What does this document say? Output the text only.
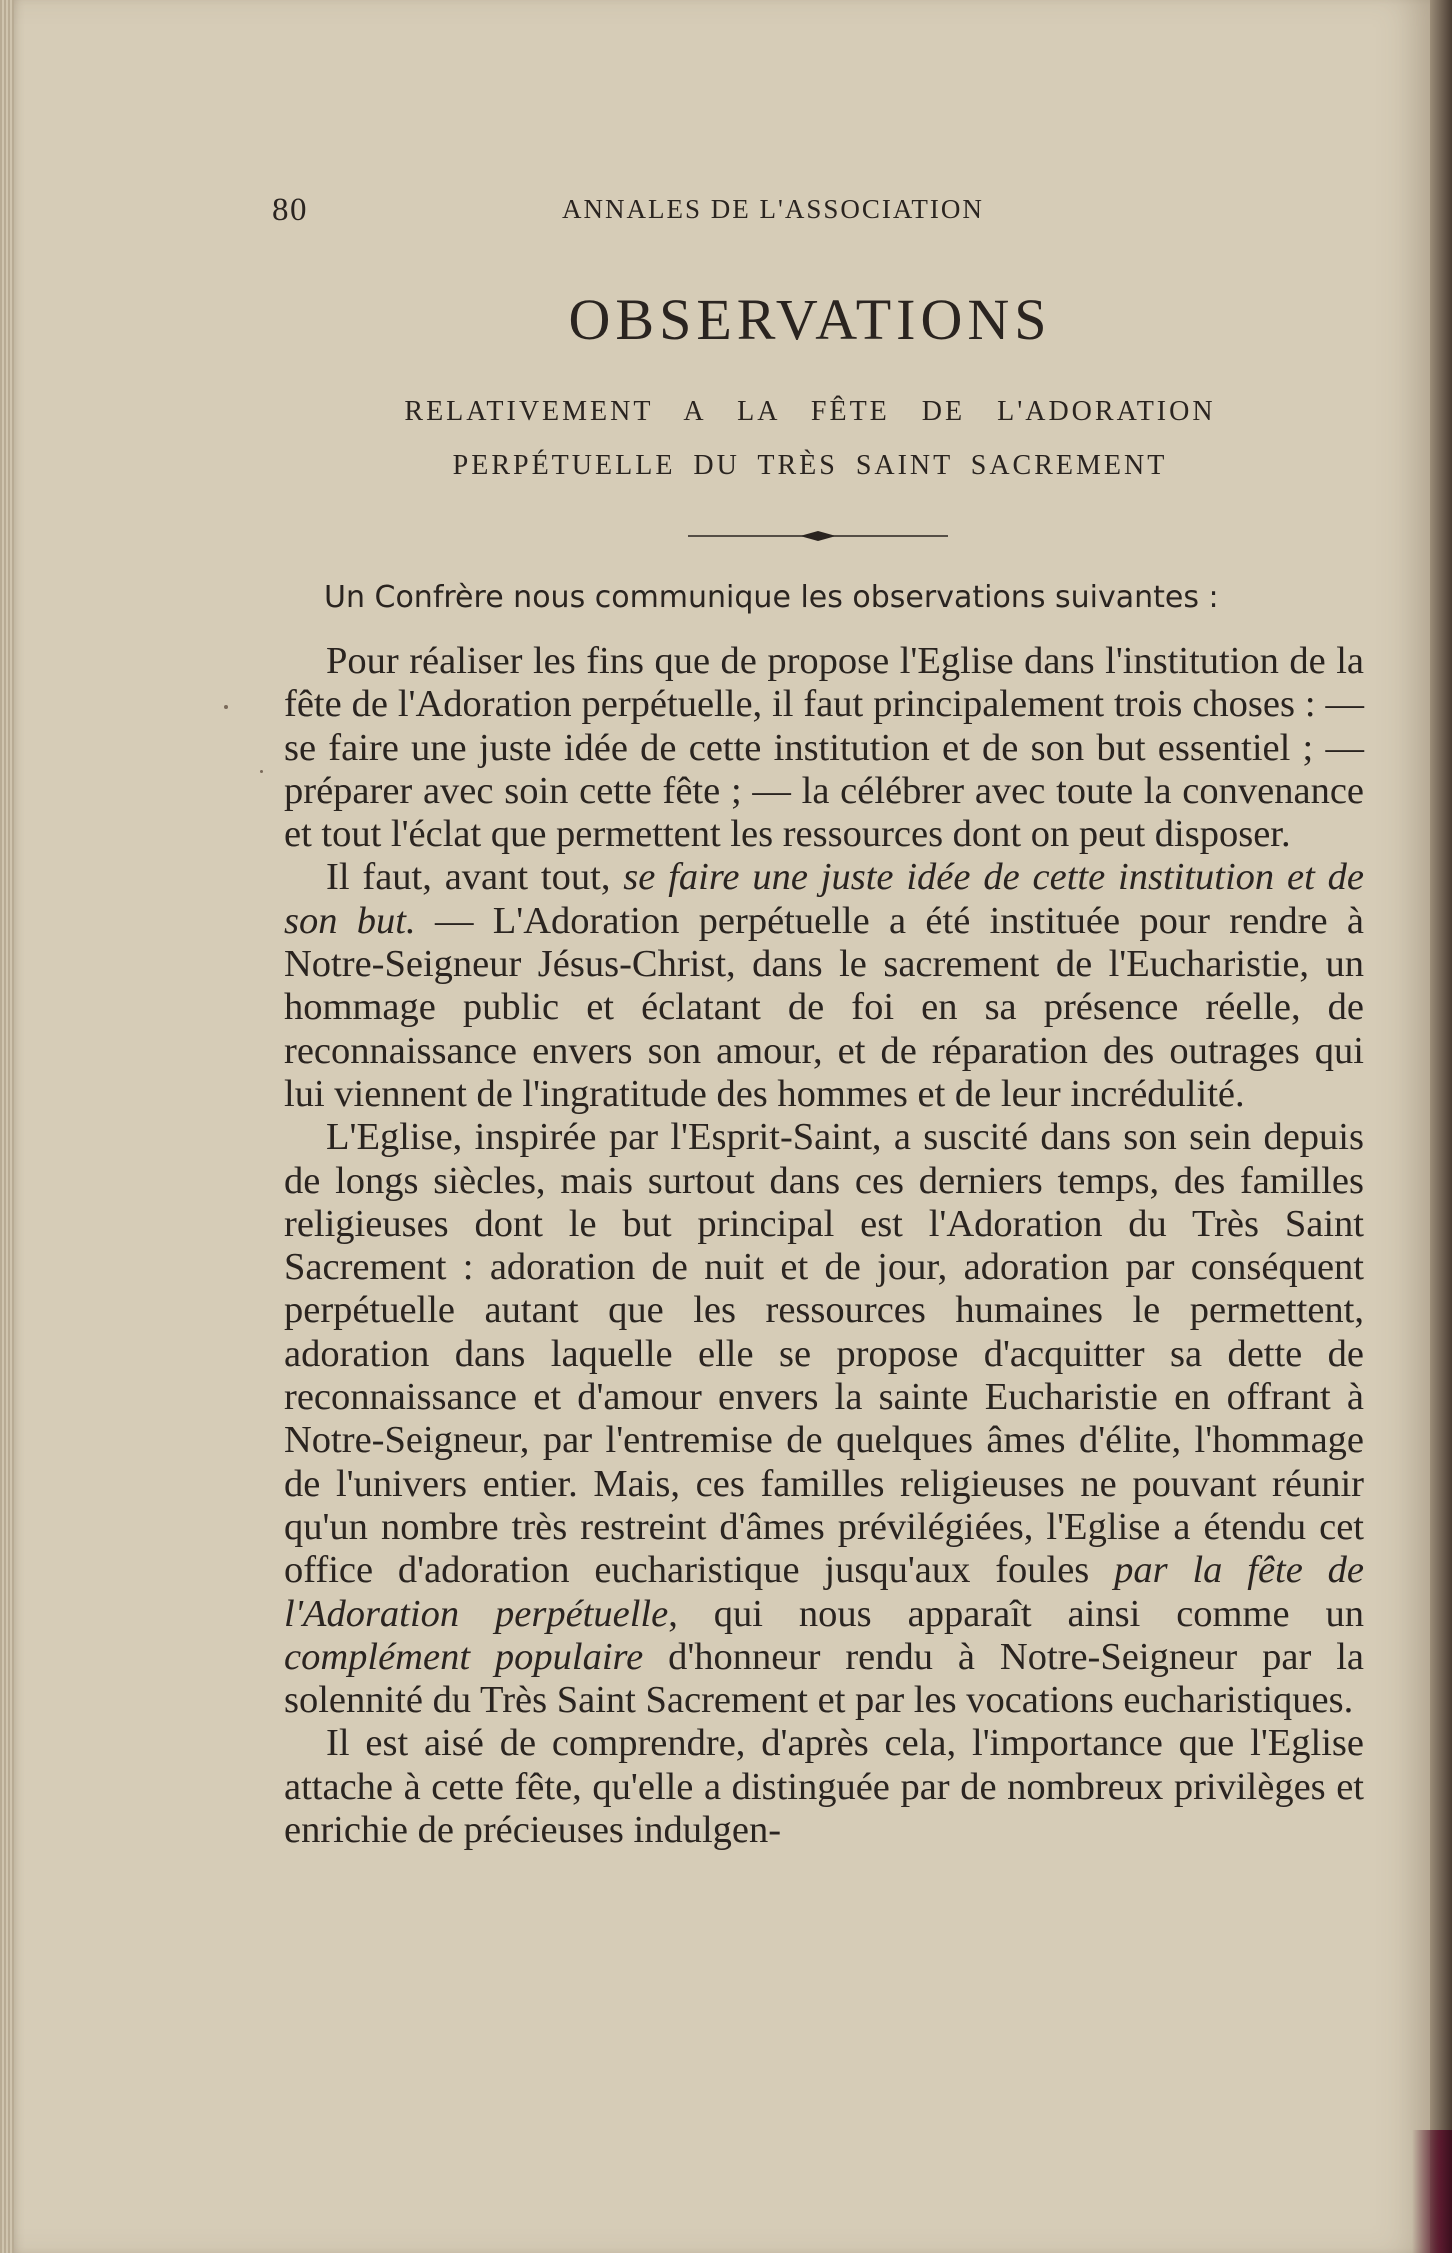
80	ANNALES DE L'ASSOCIATION
OBSERVATIONS

RELATIVEMENT A LA FÊTE DE L'ADORATION

PERPÉTUELLE DU TRÈS SAINT SACREMENT

Un Confrère nous communique les observations suivantes :

Pour réaliser les fins que de propose l'Eglise dans l'institution de la fête de l'Adoration perpétuelle, il faut principalement trois choses : — se faire une juste idée de cette institution et de son but essentiel ; — préparer avec soin cette fête ; — la célébrer avec toute la convenance et tout l'éclat que permettent les ressources dont on peut disposer.

Il faut, avant tout, se faire une juste idée de cette institution et de son but. — L'Adoration perpétuelle a été instituée pour rendre à Notre-Seigneur Jésus-Christ, dans le sacrement de l'Eucharistie, un hommage public et éclatant de foi en sa présence réelle, de reconnaissance envers son amour, et de réparation des outrages qui lui viennent de l'ingratitude des hommes et de leur incrédulité.

L'Eglise, inspirée par l'Esprit-Saint, a suscité dans son sein depuis de longs siècles, mais surtout dans ces derniers temps, des familles religieuses dont le but principal est l'Adoration du Très Saint Sacrement : adoration de nuit et de jour, adoration par conséquent perpétuelle autant que les ressources humaines le permettent, adoration dans laquelle elle se propose d'acquitter sa dette de reconnaissance et d'amour envers la sainte Eucharistie en offrant à Notre-Seigneur, par l'entremise de quelques âmes d'élite, l'hommage de l'univers entier. Mais, ces familles religieuses ne pouvant réunir qu'un nombre très restreint d'âmes prévilégiées, l'Eglise a étendu cet office d'adoration eucharistique jusqu'aux foules par la fête de l'Adoration perpétuelle, qui nous apparaît ainsi comme un complément populaire d'honneur rendu à Notre-Seigneur par la solennité du Très Saint Sacrement et par les vocations eucharistiques.

Il est aisé de comprendre, d'après cela, l'importance que l'Eglise attache à cette fête, qu'elle a distinguée par de nombreux privilèges et enrichie de précieuses indulgen-
